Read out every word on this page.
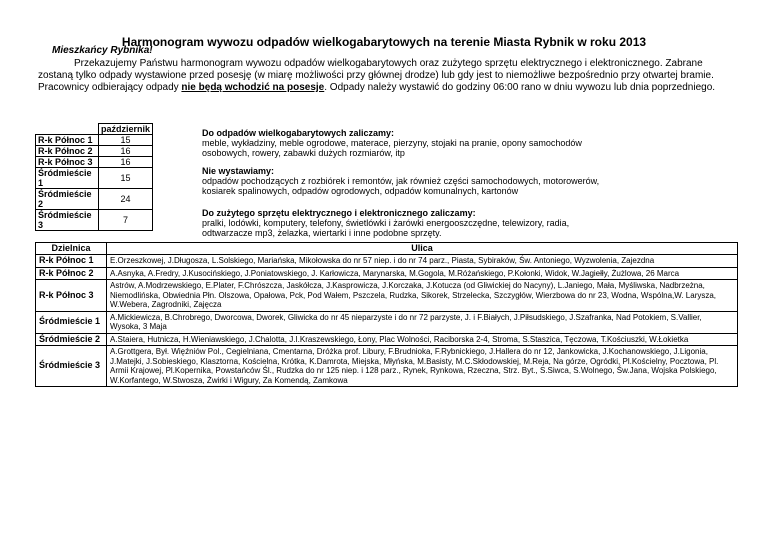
Harmonogram wywozu odpadów wielkogabarytowych na terenie Miasta Rybnik w roku 2013
Mieszkańcy Rybnika!
Przekazujemy Państwu harmonogram wywozu odpadów wielkogabarytowych oraz zużytego sprzętu elektrycznego i elektronicznego. Zabrane zostaną tylko odpady wystawione przed posesję (w miarę możliwości przy głównej drodze) lub gdy jest to niemożliwe bezpośrednio przy otwartej bramie. Pracownicy odbierający odpady nie będą wchodzić na posesje. Odpady należy wystawić do godziny 06:00 rano w dniu wywozu lub dnia poprzedniego.
	październik
R-k Północ 1	15
R-k Północ 2	16
R-k Północ 3	16
Śródmieście 1	15
Śródmieście 2	24
Śródmieście 3	7
Do odpadów wielkogabarytowych zaliczamy:
meble, wykładziny, meble ogrodowe, materace, pierzyny, stojaki na pranie, opony samochodów osobowych, rowery, zabawki dużych rozmiarów, itp
Nie wystawiamy:
odpadów pochodzących z rozbiórek i remontów, jak również części samochodowych, motorowerów, kosiarek spalinowych, odpadów ogrodowych, odpadów komunalnych, kartonów
Do zużytego sprzętu elektrycznego i elektronicznego zaliczamy:
pralki, lodówki, komputery, telefony, świetlówki i żarówki energooszczędne, telewizory, radia, odtwarzacze mp3, żelazka, wiertarki i inne podobne sprzęty.
Dzielnica	Ulica
R-k Północ 1	E.Orzeszkowej, J.Długosza, L.Solskiego, Mariańska, Mikołowska do nr 57 niep. i do nr 74 parz., Piasta, Sybiraków, Św. Antoniego, Wyzwolenia, Zajezdna
R-k Północ 2	A.Asnyka, A.Fredry, J.Kusocińskiego, J.Poniatowskiego, J. Karłowicza, Marynarska, M.Gogola, M.Różańskiego, P.Kołonki, Widok, W.Jagiełły, Żużlowa, 26 Marca
R-k Północ 3	Astrów, A.Modrzewskiego, E.Plater, F.Chrószcza, Jaskółcza, J.Kasprowicza, J.Korczaka, J.Kotucza (od Gliwickiej do Nacyny), L.Janiego, Mała, Myśliwska, Nadbrzeżna, Niemodlińska, Obwiednia Płn. Olszowa, Opałowa, Pck, Pod Wałem, Pszczela, Rudzka, Sikorek, Strzelecka, Szczygłów, Wierzbowa do nr 23, Wodna, Wspólna,W. Larysza, W.Webera, Zagrodniki, Zajęcza
Śródmieście 1	A.Mickiewicza, B.Chrobrego, Dworcowa, Dworek, Gliwicka do nr 45 nieparzyste i do nr 72 parzyste, J. i F.Białych, J.Piłsudskiego, J.Szafranka, Nad Potokiem, S.Vallier, Wysoka, 3 Maja
Śródmieście 2	A.Staiera, Hutnicza, H.Wieniawskiego, J.Chalotta, J.I.Kraszewskiego, Łony, Plac Wolności, Raciborska 2-4, Stroma, S.Staszica, Tęczowa, T.Kościuszki, W.Łokietka
Śródmieście 3	A.Grottgera, Był. Więźniów Pol., Cegielniana, Cmentarna, Dróżka prof. Libury, F.Brudnioka, F.Rybnickiego, J.Hallera do nr 12, Jankowicka, J.Kochanowskiego, J.Ligonia, J.Matejki, J.Sobieskiego, Klasztorna, Kościelna, Krótka, K.Damrota, Miejska, Młyńska, M.Basisty, M.C.Skłodowskiej, M.Reja, Na górze, Ogródki, Pl.Kościelny, Pocztowa, Pl. Armii Krajowej, Pl.Kopernika, Powstańców Śl., Rudzka do nr 125 niep. i 128 parz., Rynek, Rynkowa, Rzeczna, Strz. Byt., S.Siwca, S.Wolnego, Św.Jana, Wojska Polskiego, W.Korfantego, W.Stwosza, Żwirki i Wigury, Za Komendą, Zamkowa
